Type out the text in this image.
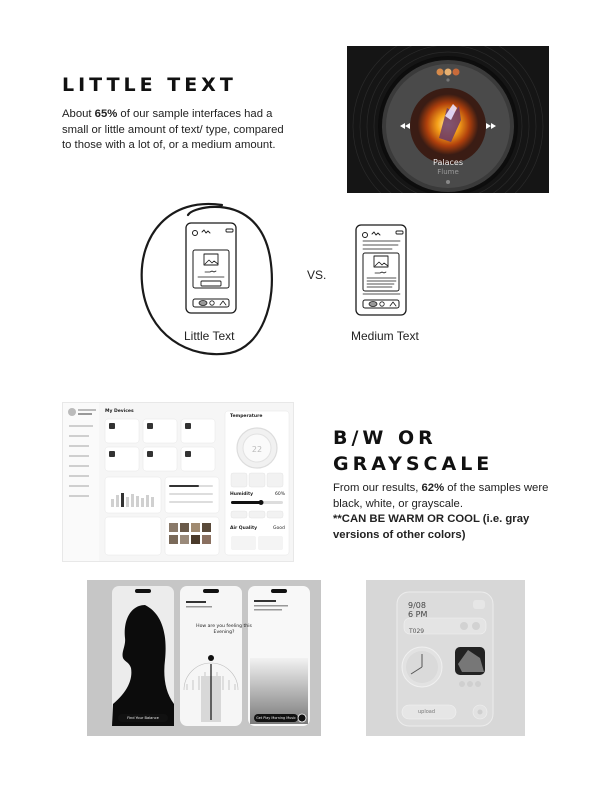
LITTLE TEXT

About 65% of our sample interfaces had a small or little amount of text/ type, compared to those with a lot of, or a medium amount.

Palaces
Flume
VS.
Little Text	Medium Text
22
My Devices
Temperature
Humidity	60%
Air Quality	Good
B/W OR
GRAYSCALE

From our results, 62% of the samples were black, white, or grayscale.

**CAN BE WARM OR COOL (i.e. gray versions of other colors)

How are you feeling this Evening?
Find Your Balance	Get Play Morning Music
9/08
6 PM
T029
upload
